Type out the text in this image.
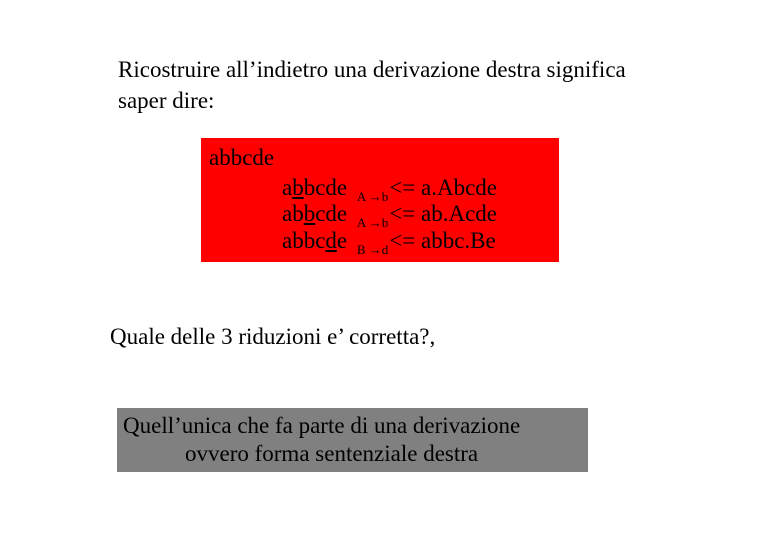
Ricostruire all’indietro una derivazione destra significa
saper dire:
abbcde
abbcde $_{A \to b}$<= a.Abcde
abbcde $_{A \to b}$<= ab.Acde
abbcde $_{B \to d}$<= abbc.Be
Quale delle 3 riduzioni e’ corretta?,
Quell’unica che fa parte di una derivazione
ovvero forma sentenziale destra
